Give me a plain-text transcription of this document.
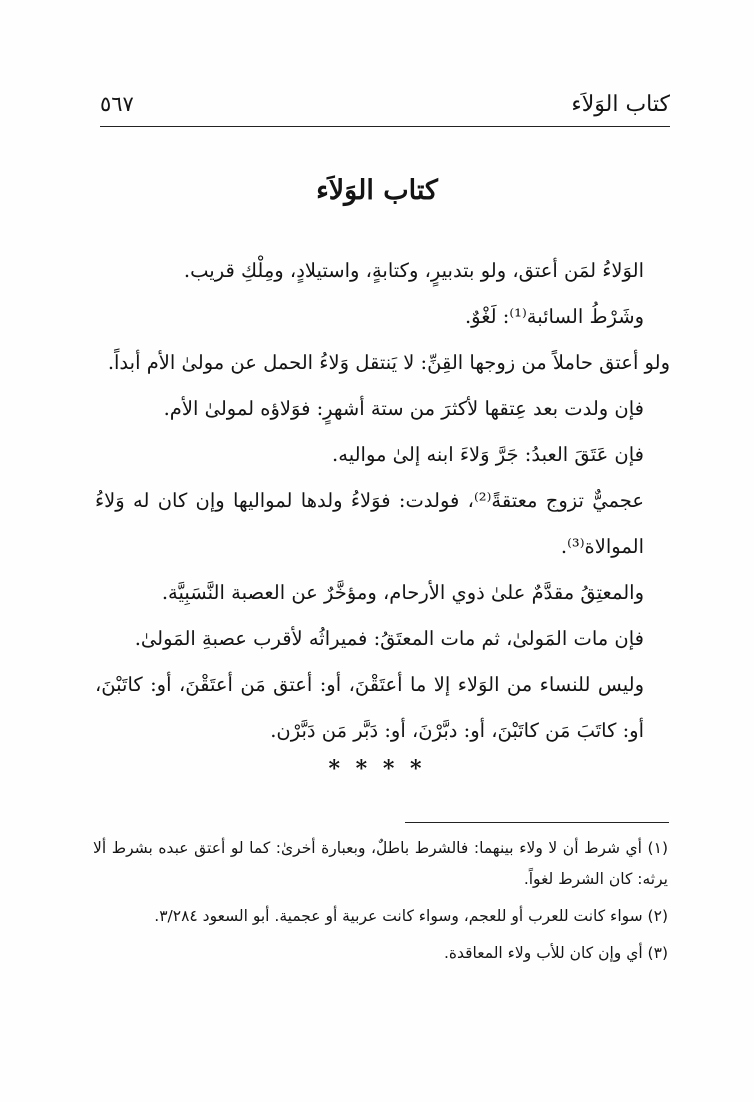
كتاب الوَلاَء
٥٦٧
كتاب الوَلاَء
الوَلاءُ لمَن أعتق، ولو بتدبيرٍ، وكتابةٍ، واستيلادٍ، ومِلْكِ قريب.
وشَرْطُ السائبة⁽¹⁾: لَغْوٌ.
ولو أعتق حاملاً من زوجها القِنِّ: لا يَنتقل وَلاءُ الحمل عن مولىٰ الأم أبداً.
فإن ولدت بعد عِتقها لأكثرَ من ستة أشهرٍ: فوَلاؤه لمولىٰ الأم.
فإن عَتَقَ العبدُ: جَرَّ وَلاءَ ابنه إلىٰ مواليه.
عجميٌّ تزوج معتقةً⁽²⁾، فولدت: فوَلاءُ ولدها لمواليها وإن كان له وَلاءُ الموالاة⁽³⁾.
والمعتِقُ مقدَّمٌ علىٰ ذوي الأرحام، ومؤخَّرٌ عن العصبة النَّسَبِيَّة.
فإن مات المَولىٰ، ثم مات المعتَقُ: فميراثُه لأقرب عصبةِ المَولىٰ.
وليس للنساء من الوَلاء إلا ما أعتَقْنَ، أو: أعتق مَن أعتَقْنَ، أو: كاتَبْنَ، أو: كاتَبَ مَن كاتَبْنَ، أو: دبَّرْنَ، أو: دَبَّر مَن دَبَّرْن.
* * * *
(١) أي شرط أن لا ولاء بينهما: فالشرط باطلٌ، وبعبارة أخرىٰ: كما لو أعتق عبده بشرط ألا يرثه: كان الشرط لغواً.
(٢) سواء كانت للعرب أو للعجم، وسواء كانت عربية أو عجمية. أبو السعود ٣/٢٨٤.
(٣) أي وإن كان للأب ولاء المعاقدة.
